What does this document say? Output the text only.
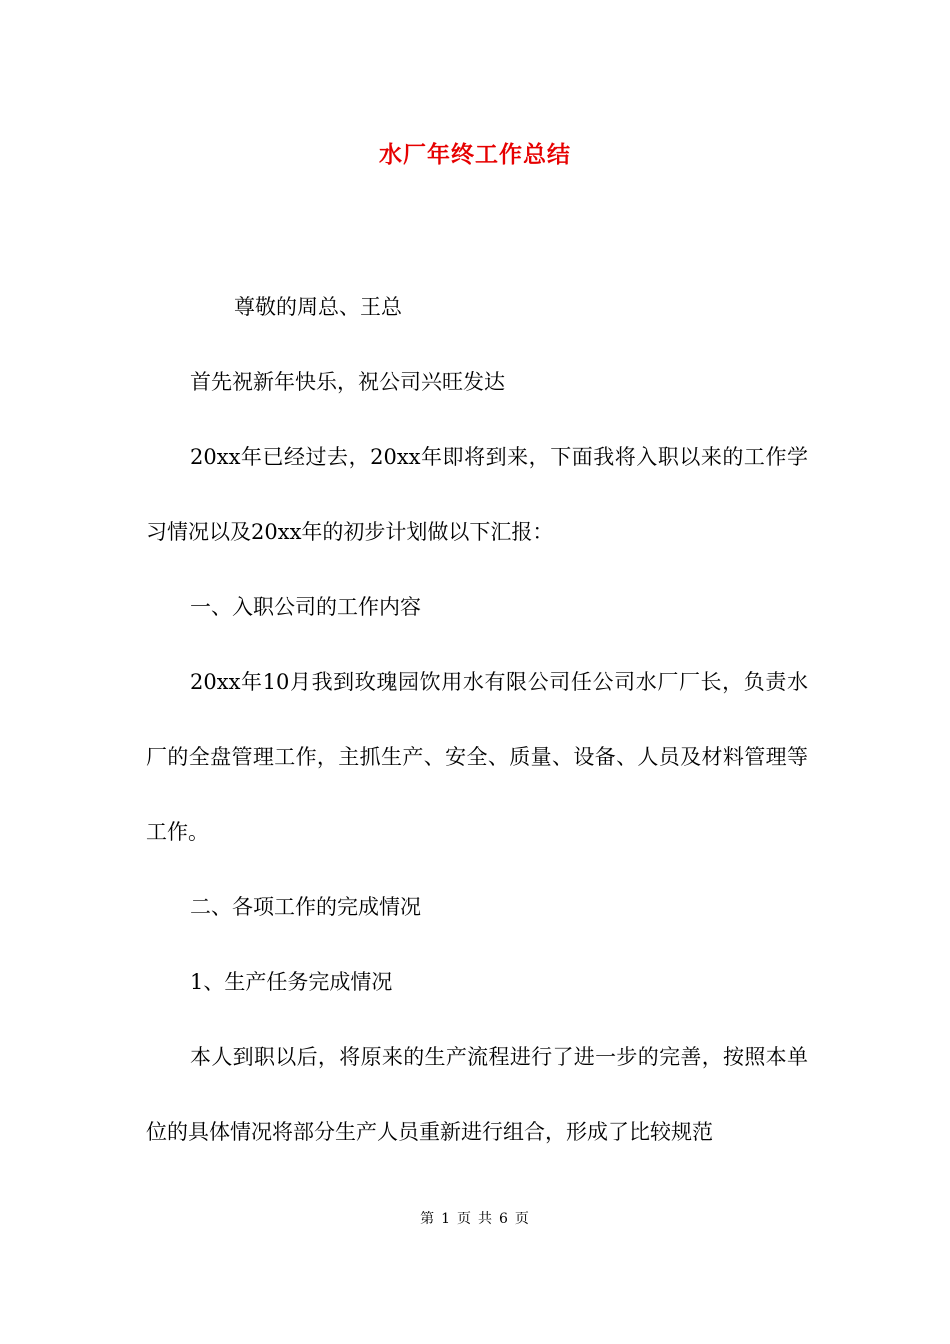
水厂年终工作总结

尊敬的周总、王总

首先祝新年快乐，祝公司兴旺发达

20xx年已经过去，20xx年即将到来，下面我将入职以来的工作学习情况以及20xx年的初步计划做以下汇报：

一、入职公司的工作内容

20xx年10月我到玫瑰园饮用水有限公司任公司水厂厂长，负责水厂的全盘管理工作，主抓生产、安全、质量、设备、人员及材料管理等工作。

二、各项工作的完成情况

1、生产任务完成情况

本人到职以后，将原来的生产流程进行了进一步的完善，按照本单位的具体情况将部分生产人员重新进行组合，形成了比较规范

第 1 页 共 6 页
